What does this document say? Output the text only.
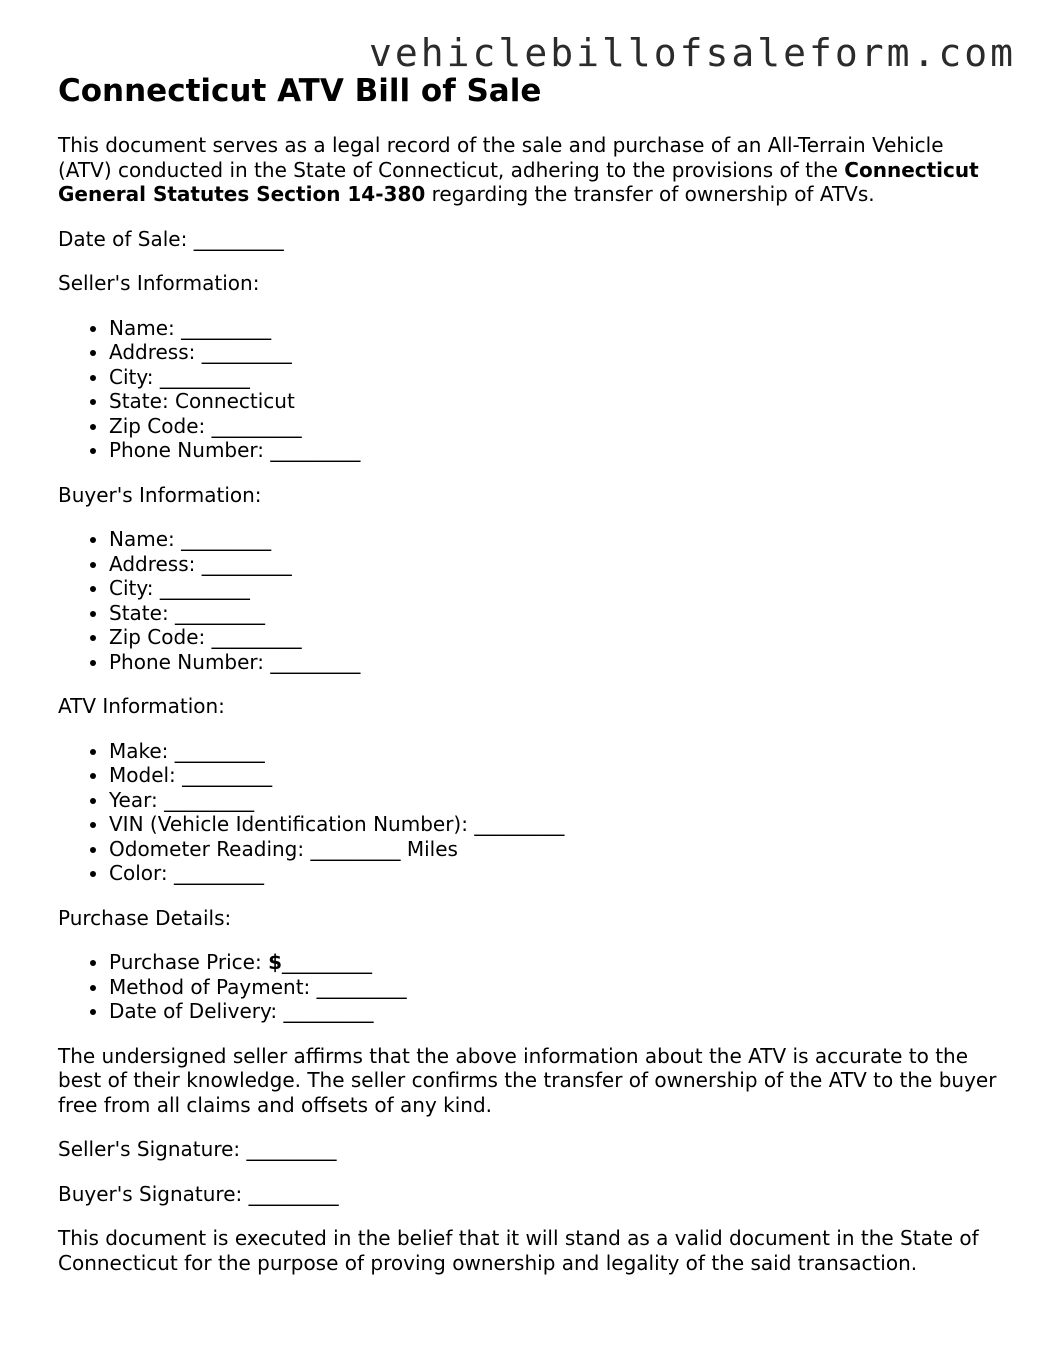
vehiclebillofsaleform.com
Connecticut ATV Bill of Sale

This document serves as a legal record of the sale and purchase of an All-Terrain Vehicle (ATV) conducted in the State of Connecticut, adhering to the provisions of the Connecticut General Statutes Section 14-380 regarding the transfer of ownership of ATVs.

Date of Sale: _________

Seller's Information:

• Name: _________
• Address: _________
• City: _________
• State: Connecticut
• Zip Code: _________
• Phone Number: _________

Buyer's Information:

• Name: _________
• Address: _________
• City: _________
• State: _________
• Zip Code: _________
• Phone Number: _________

ATV Information:

• Make: _________
• Model: _________
• Year: _________
• VIN (Vehicle Identification Number): _________
• Odometer Reading: _________ Miles
• Color: _________

Purchase Details:

• Purchase Price: $_________
• Method of Payment: _________
• Date of Delivery: _________

The undersigned seller affirms that the above information about the ATV is accurate to the best of their knowledge. The seller confirms the transfer of ownership of the ATV to the buyer free from all claims and offsets of any kind.

Seller's Signature: _________

Buyer's Signature: _________

This document is executed in the belief that it will stand as a valid document in the State of Connecticut for the purpose of proving ownership and legality of the said transaction.
